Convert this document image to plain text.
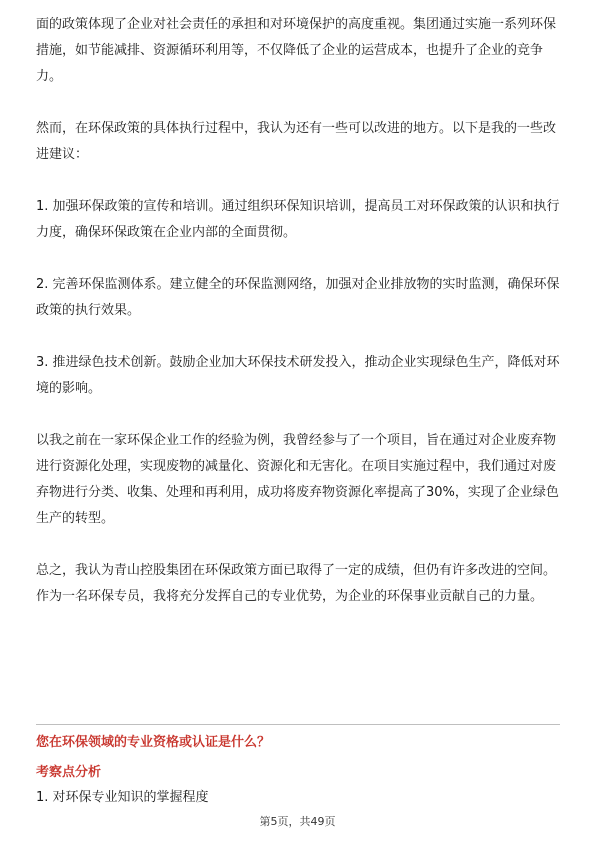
面的政策体现了企业对社会责任的承担和对环境保护的高度重视。集团通过实施一系列环保措施，如节能减排、资源循环利用等，不仅降低了企业的运营成本，也提升了企业的竞争力。

然而，在环保政策的具体执行过程中，我认为还有一些可以改进的地方。以下是我的一些改进建议：

1. 加强环保政策的宣传和培训。通过组织环保知识培训，提高员工对环保政策的认识和执行力度，确保环保政策在企业内部的全面贯彻。

2. 完善环保监测体系。建立健全的环保监测网络，加强对企业排放物的实时监测，确保环保政策的执行效果。

3. 推进绿色技术创新。鼓励企业加大环保技术研发投入，推动企业实现绿色生产，降低对环境的影响。

以我之前在一家环保企业工作的经验为例，我曾经参与了一个项目，旨在通过对企业废弃物进行资源化处理，实现废物的减量化、资源化和无害化。在项目实施过程中，我们通过对废弃物进行分类、收集、处理和再利用，成功将废弃物资源化率提高了30%，实现了企业绿色生产的转型。

总之，我认为青山控股集团在环保政策方面已取得了一定的成绩，但仍有许多改进的空间。作为一名环保专员，我将充分发挥自己的专业优势，为企业的环保事业贡献自己的力量。

您在环保领域的专业资格或认证是什么？
考察点分析
1. 对环保专业知识的掌握程度
第5页，共49页
